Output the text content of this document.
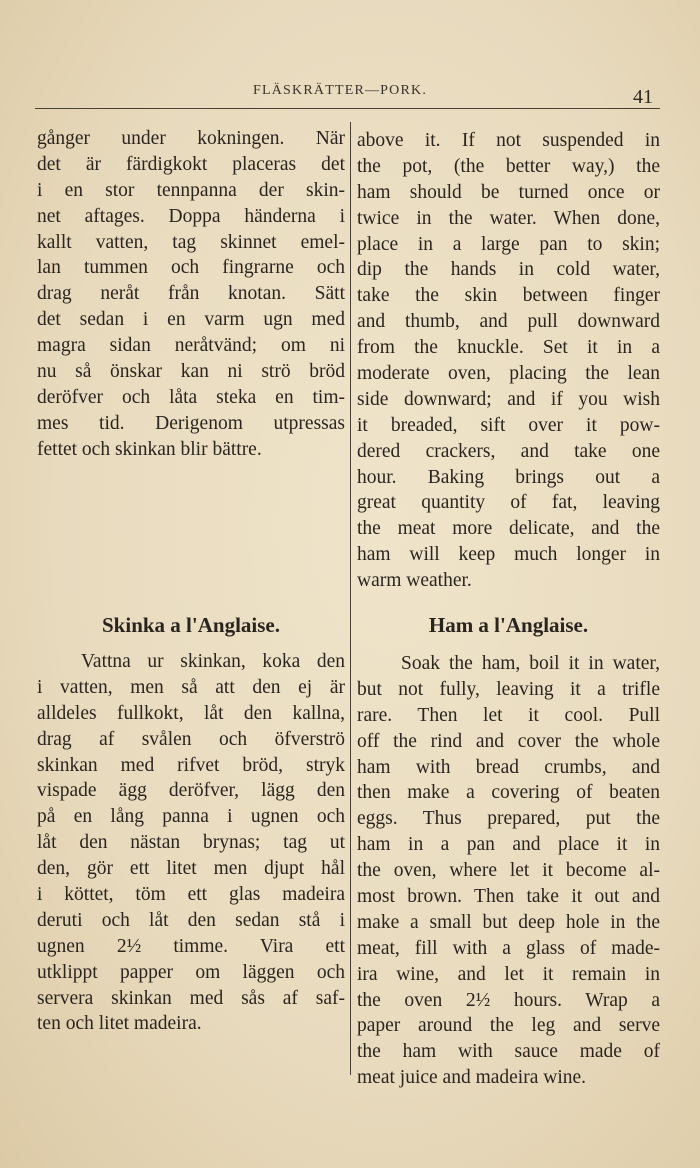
FLÄSKRÄTTER—PORK.	41
gånger under kokningen. När
det är färdigkokt placeras det
i en stor tennpanna der skin-
net aftages. Doppa händerna i
kallt vatten, tag skinnet emel-
lan tummen och fingrarne och
drag neråt från knotan. Sätt
det sedan i en varm ugn med
magra sidan neråtvänd; om ni
nu så önskar kan ni strö bröd
deröfver och låta steka en tim-
mes tid. Derigenom utpressas
fettet och skinkan blir bättre.
above it. If not suspended in
the pot, (the better way,) the
ham should be turned once or
twice in the water. When done,
place in a large pan to skin;
dip the hands in cold water,
take the skin between finger
and thumb, and pull downward
from the knuckle. Set it in a
moderate oven, placing the lean
side downward; and if you wish
it breaded, sift over it pow-
dered crackers, and take one
hour. Baking brings out a
great quantity of fat, leaving
the meat more delicate, and the
ham will keep much longer in
warm weather.
Skinka a l'Anglaise.	Ham a l'Anglaise.
Vattna ur skinkan, koka den
i vatten, men så att den ej är
alldeles fullkokt, låt den kallna,
drag af svålen och öfverströ
skinkan med rifvet bröd, stryk
vispade ägg deröfver, lägg den
på en lång panna i ugnen och
låt den nästan brynas; tag ut
den, gör ett litet men djupt hål
i köttet, töm ett glas madeira
deruti och låt den sedan stå i
ugnen 2½ timme. Vira ett
utklippt papper om läggen och
servera skinkan med sås af saf-
ten och litet madeira.
Soak the ham, boil it in water,
but not fully, leaving it a trifle
rare. Then let it cool. Pull
off the rind and cover the whole
ham with bread crumbs, and
then make a covering of beaten
eggs. Thus prepared, put the
ham in a pan and place it in
the oven, where let it become al-
most brown. Then take it out and
make a small but deep hole in the
meat, fill with a glass of made-
ira wine, and let it remain in
the oven 2½ hours. Wrap a
paper around the leg and serve
the ham with sauce made of
meat juice and madeira wine.
